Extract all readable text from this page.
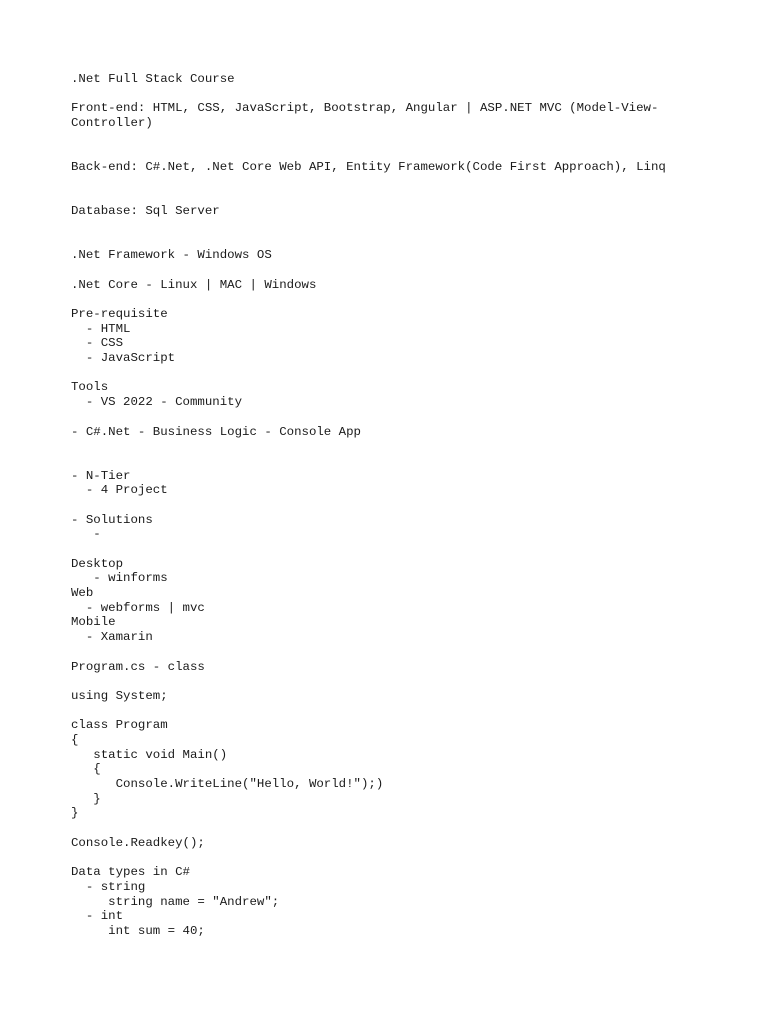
.Net Full Stack Course
Front-end: HTML, CSS, JavaScript, Bootstrap, Angular | ASP.NET MVC (Model-View-
Controller)
Back-end: C#.Net, .Net Core Web API, Entity Framework(Code First Approach), Linq
Database: Sql Server
.Net Framework - Windows OS
.Net Core - Linux | MAC | Windows
Pre-requisite
- HTML
- CSS
- JavaScript
Tools
- VS 2022 - Community
- C#.Net - Business Logic - Console App
- N-Tier
- 4 Project
- Solutions
-
Desktop
- winforms
Web
- webforms | mvc
Mobile
- Xamarin
Program.cs - class
using System;
class Program
{
static void Main()
{
Console.WriteLine("Hello, World!");)
}
}
Console.Readkey();
Data types in C#
- string
string name = "Andrew";
- int
int sum = 40;
